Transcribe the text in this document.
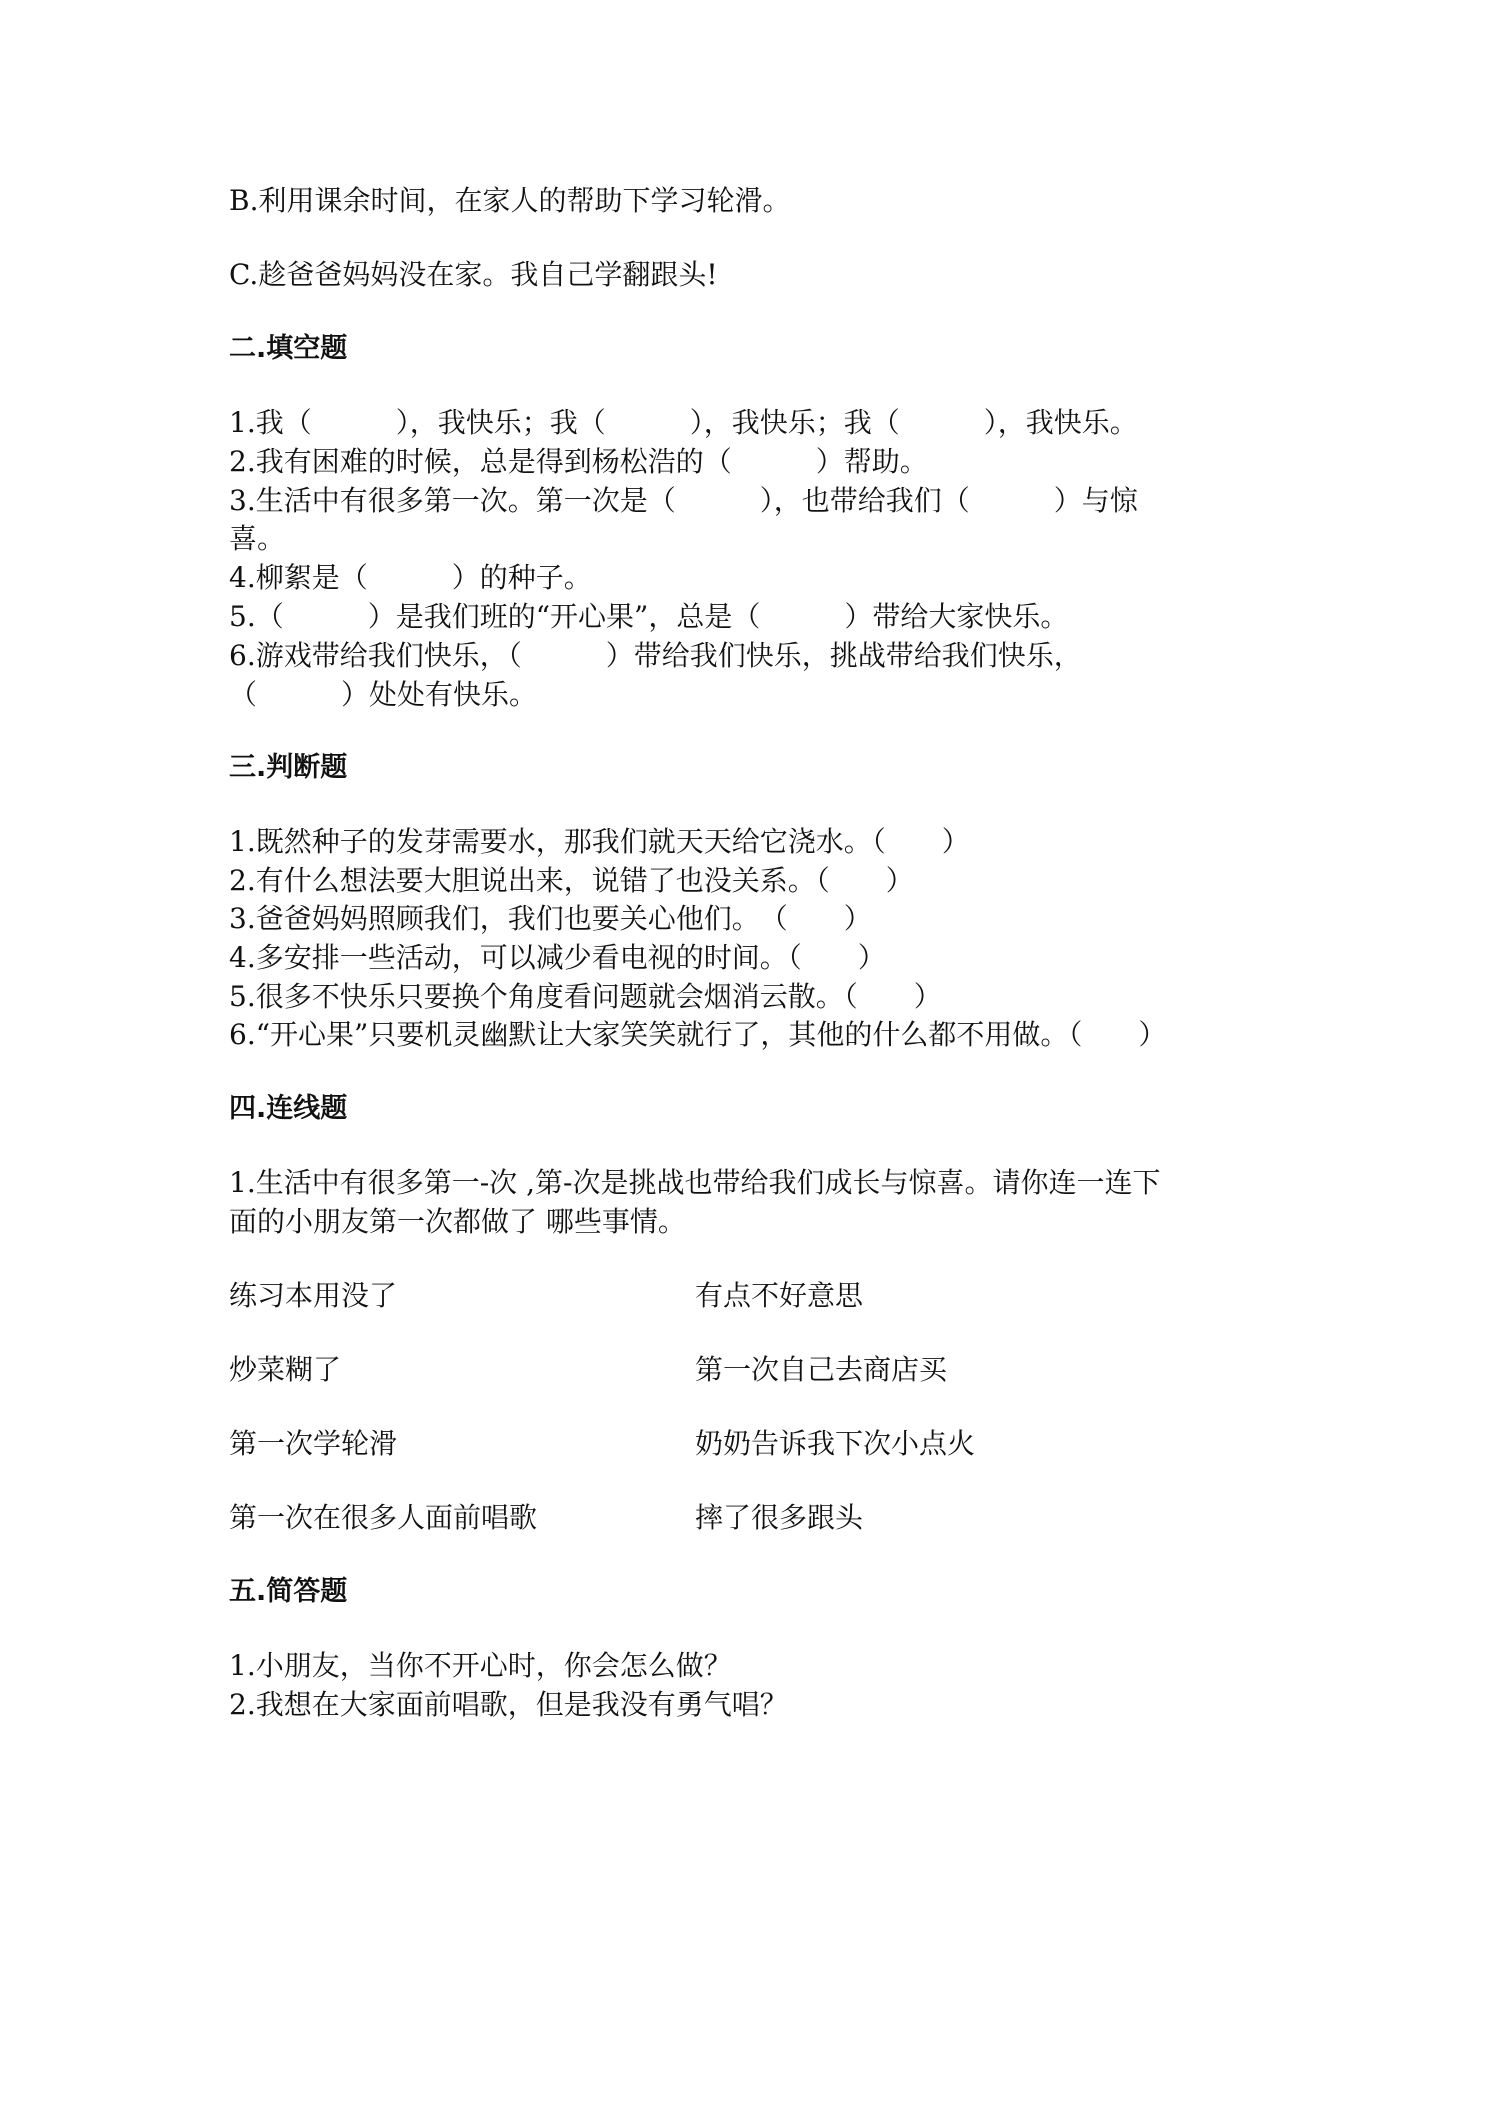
B.利用课余时间，在家人的帮助下学习轮滑。
C.趁爸爸妈妈没在家。我自己学翻跟头!
二.填空题
1.我（　　　），我快乐；我（　　　），我快乐；我（　　　），我快乐。
2.我有困难的时候，总是得到杨松浩的（　　　）帮助。
3.生活中有很多第一次。第一次是（　　　），也带给我们（　　　）与惊
喜。
4.柳絮是（　　　）的种子。
5.（　　　）是我们班的“开心果”，总是（　　　）带给大家快乐。
6.游戏带给我们快乐，（　　　）带给我们快乐，挑战带给我们快乐，
（　　　）处处有快乐。
三.判断题
1.既然种子的发芽需要水，那我们就天天给它浇水。（　　）
2.有什么想法要大胆说出来，说错了也没关系。（　　）
3.爸爸妈妈照顾我们，我们也要关心他们。　（　　）
4.多安排一些活动，可以减少看电视的时间。（　　）
5.很多不快乐只要换个角度看问题就会烟消云散。（　　）
6.“开心果”只要机灵幽默让大家笑笑就行了，其他的什么都不用做。（　　）
四.连线题
1.生活中有很多第一-次 ,第-次是挑战也带给我们成长与惊喜。请你连一连下
面的小朋友第一次都做了 哪些事情。
练习本用没了	有点不好意思
炒菜糊了	第一次自己去商店买
第一次学轮滑	奶奶告诉我下次小点火
第一次在很多人面前唱歌	摔了很多跟头
五.简答题
1.小朋友，当你不开心时，你会怎么做？
2.我想在大家面前唱歌，但是我没有勇气唱？
